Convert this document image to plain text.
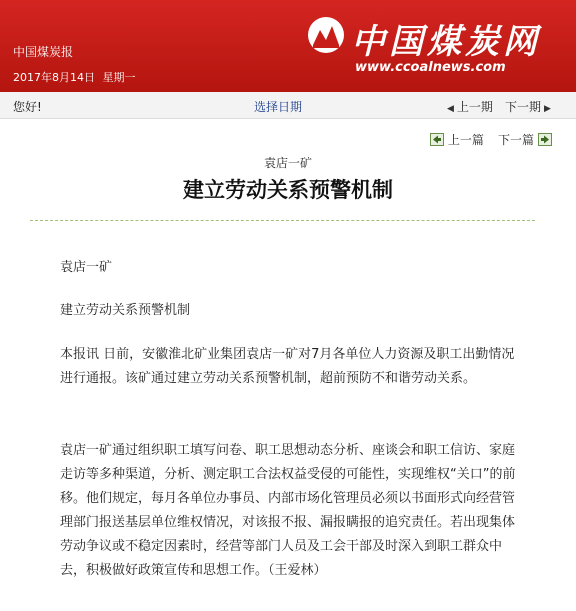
中国煤炭报
2017年8月14日 星期一
中国煤炭网
www.ccoalnews.com
您好!	选择日期	◀ 上一期 下一期 ▶
上一篇 下一篇
袁店一矿
建立劳动关系预警机制

袁店一矿

建立劳动关系预警机制

本报讯 日前，安徽淮北矿业集团袁店一矿对7月各单位人力资源及职工出勤情况进行通报。该矿通过建立劳动关系预警机制，超前预防不和谐劳动关系。

袁店一矿通过组织职工填写问卷、职工思想动态分析、座谈会和职工信访、家庭走访等多种渠道，分析、测定职工合法权益受侵的可能性，实现维权“关口”的前移。他们规定，每月各单位办事员、内部市场化管理员必须以书面形式向经营管理部门报送基层单位维权情况，对该报不报、漏报瞒报的追究责任。若出现集体劳动争议或不稳定因素时，经营等部门人员及工会干部及时深入到职工群众中去，积极做好政策宣传和思想工作。（王爱林）
